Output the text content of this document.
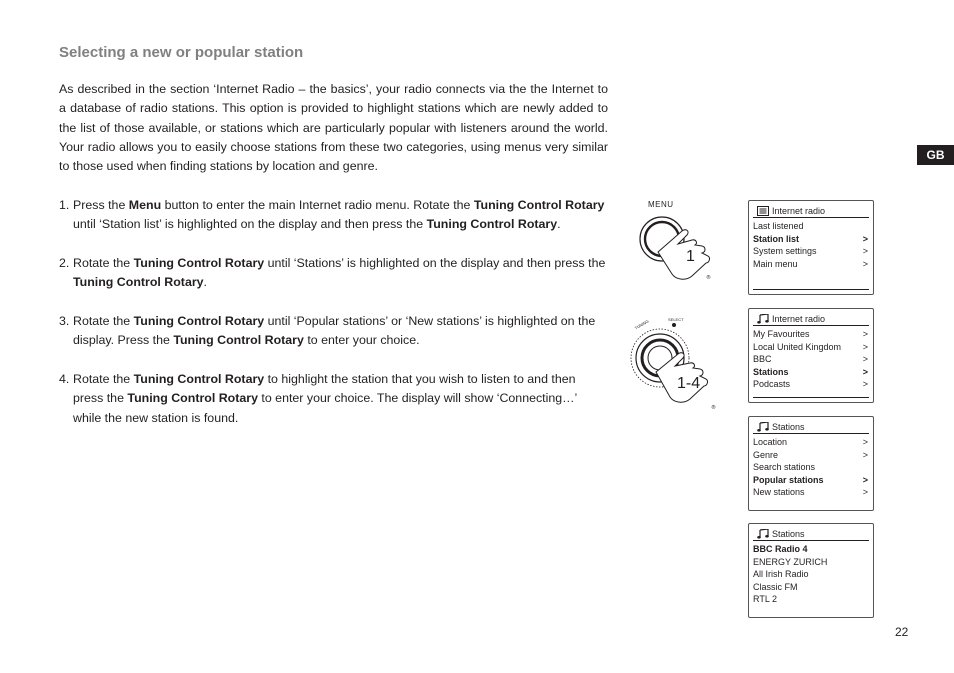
Selecting a new or popular station

As described in the section ‘Internet Radio – the basics’, your radio connects via the the Internet to a database of radio stations. This option is provided to highlight stations which are newly added to the list of those available, or stations which are particularly popular with listeners around the world. Your radio allows you to easily choose stations from these two categories, using menus very similar to those used when finding stations by location and genre.

1. Press the Menu button to enter the main Internet radio menu. Rotate the Tuning Control Rotary until ‘Station list’ is highlighted on the display and then press the Tuning Control Rotary.

2. Rotate the Tuning Control Rotary until ‘Stations’ is highlighted on the display and then press the Tuning Control Rotary.

3. Rotate the Tuning Control Rotary until ‘Popular stations’ or ‘New stations’ is highlighted on the display. Press the Tuning Control Rotary to enter your choice.

4. Rotate the Tuning Control Rotary to highlight the station that you wish to listen to and then press the Tuning Control Rotary to enter your choice. The display will show ‘Connecting…’ while the new station is found.

GB
22
MENU
®
1
®
SELECT
TUNING
1-4
Internet radio
Last listened
Station list	>
System settings	>
Main menu	>
Internet radio
My Favourites	>
Local United Kingdom >
BBC	>
Stations	>
Podcasts	>
Stations
Location	>
Genre	>
Search stations
Popular stations	>
New stations	>
Stations
BBC Radio 4
ENERGY ZURICH
All Irish Radio
Classic FM
RTL 2
